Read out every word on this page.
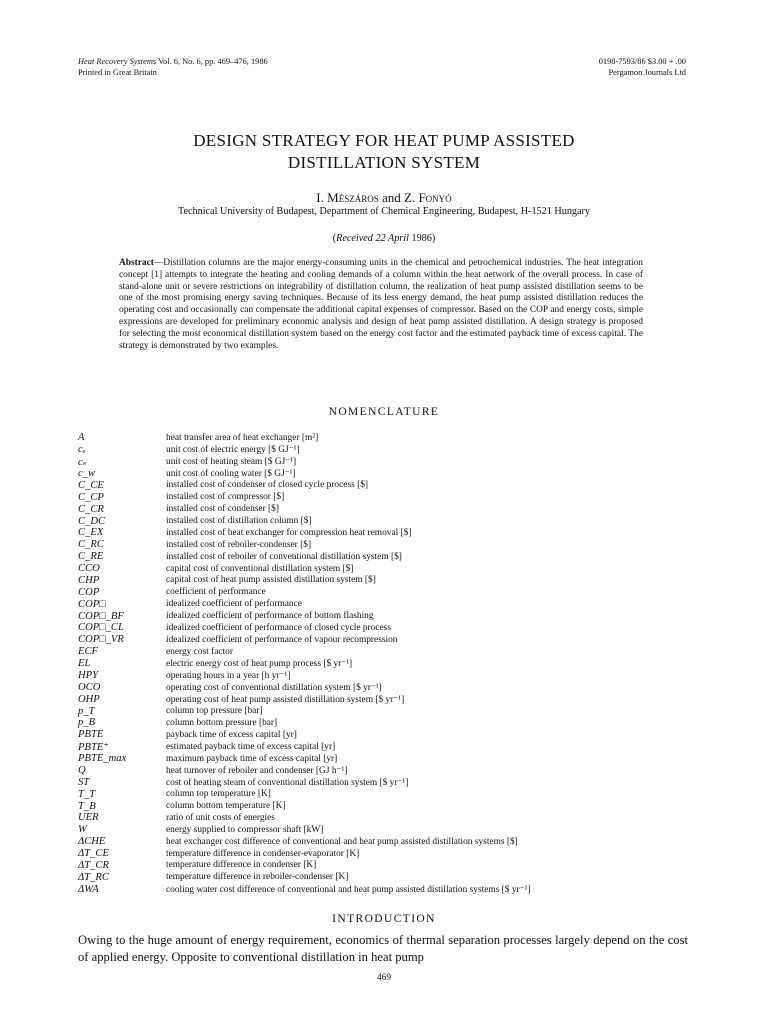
Heat Recovery Systems Vol. 6, No. 6, pp. 469–476, 1986
Printed in Great Britain
0198-7593/86 $3.00 + .00
Pergamon Journals Ltd
DESIGN STRATEGY FOR HEAT PUMP ASSISTED
DISTILLATION SYSTEM
I. Mészáros and Z. Fonyó
Technical University of Budapest, Department of Chemical Engineering, Budapest, H-1521 Hungary
(Received 22 April 1986)
Abstract—Distillation columns are the major energy-consuming units in the chemical and petrochemical industries. The heat integration concept [1] attempts to integrate the heating and cooling demands of a column within the heat network of the overall process. In case of stand-alone unit or severe restrictions on integrability of distillation column, the realization of heat pump assisted distillation seems to be one of the most promising energy saving techniques. Because of its less energy demand, the heat pump assisted distillation reduces the operating cost and occasionally can compensate the additional capital expenses of compressor. Based on the COP and energy costs, simple expressions are developed for preliminary economic analysis and design of heat pump assisted distillation. A design strategy is proposed for selecting the most economical distillation system based on the energy cost factor and the estimated payback time of excess capital. The strategy is demonstrated by two examples.
NOMENCLATURE
A	heat transfer area of heat exchanger [m²]
cₑ	unit cost of electric energy [$ GJ⁻¹]
cₛ	unit cost of heating steam [$ GJ⁻¹]
c_w	unit cost of cooling water [$ GJ⁻¹]
C_CE	installed cost of condenser of closed cycle process [$]
C_CP	installed cost of compressor [$]
C_CR	installed cost of condenser [$]
C_DC	installed cost of distillation column [$]
C_EX	installed cost of heat exchanger for compression heat removal [$]
C_RC	installed cost of reboiler-condenser [$]
C_RE	installed cost of reboiler of conventional distillation system [$]
CCO	capital cost of conventional distillation system [$]
CHP	capital cost of heat pump assisted distillation system [$]
COP	coefficient of performance
COP□	idealized coefficient of performance
COP□_BF	idealized coefficient of performance of bottom flashing
COP□_CL	idealized coefficient of performance of closed cycle process
COP□_VR	idealized coefficient of performance of vapour recompression
ECF	energy cost factor
EL	electric energy cost of heat pump process [$ yr⁻¹]
HPY	operating hours in a year [h yr⁻¹]
OCO	operating cost of conventional distillation system [$ yr⁻¹]
OHP	operating cost of heat pump assisted distillation system [$ yr⁻¹]
p_T	column top pressure [bar]
p_B	column bottom pressure [bar]
PBTE	payback time of excess capital [yr]
PBTE⁺	estimated payback time of excess capital [yr]
PBTE_max	maximum payback time of excess capital [yr]
Q	heat turnover of reboiler and condenser [GJ h⁻¹]
ST	cost of heating steam of conventional distillation system [$ yr⁻¹]
T_T	column top temperature [K]
T_B	column bottom temperature [K]
UER	ratio of unit costs of energies
W	energy supplied to compressor shaft [kW]
ΔCHE	heat exchanger cost difference of conventional and heat pump assisted distillation systems [$]
ΔT_CE	temperature difference in condenser-evaporator [K]
ΔT_CR	temperature difference in condenser [K]
ΔT_RC	temperature difference in reboiler-condenser [K]
ΔWA	cooling water cost difference of conventional and heat pump assisted distillation systems [$ yr⁻¹]
INTRODUCTION
Owing to the huge amount of energy requirement, economics of thermal separation processes largely depend on the cost of applied energy. Opposite to conventional distillation in heat pump
469
